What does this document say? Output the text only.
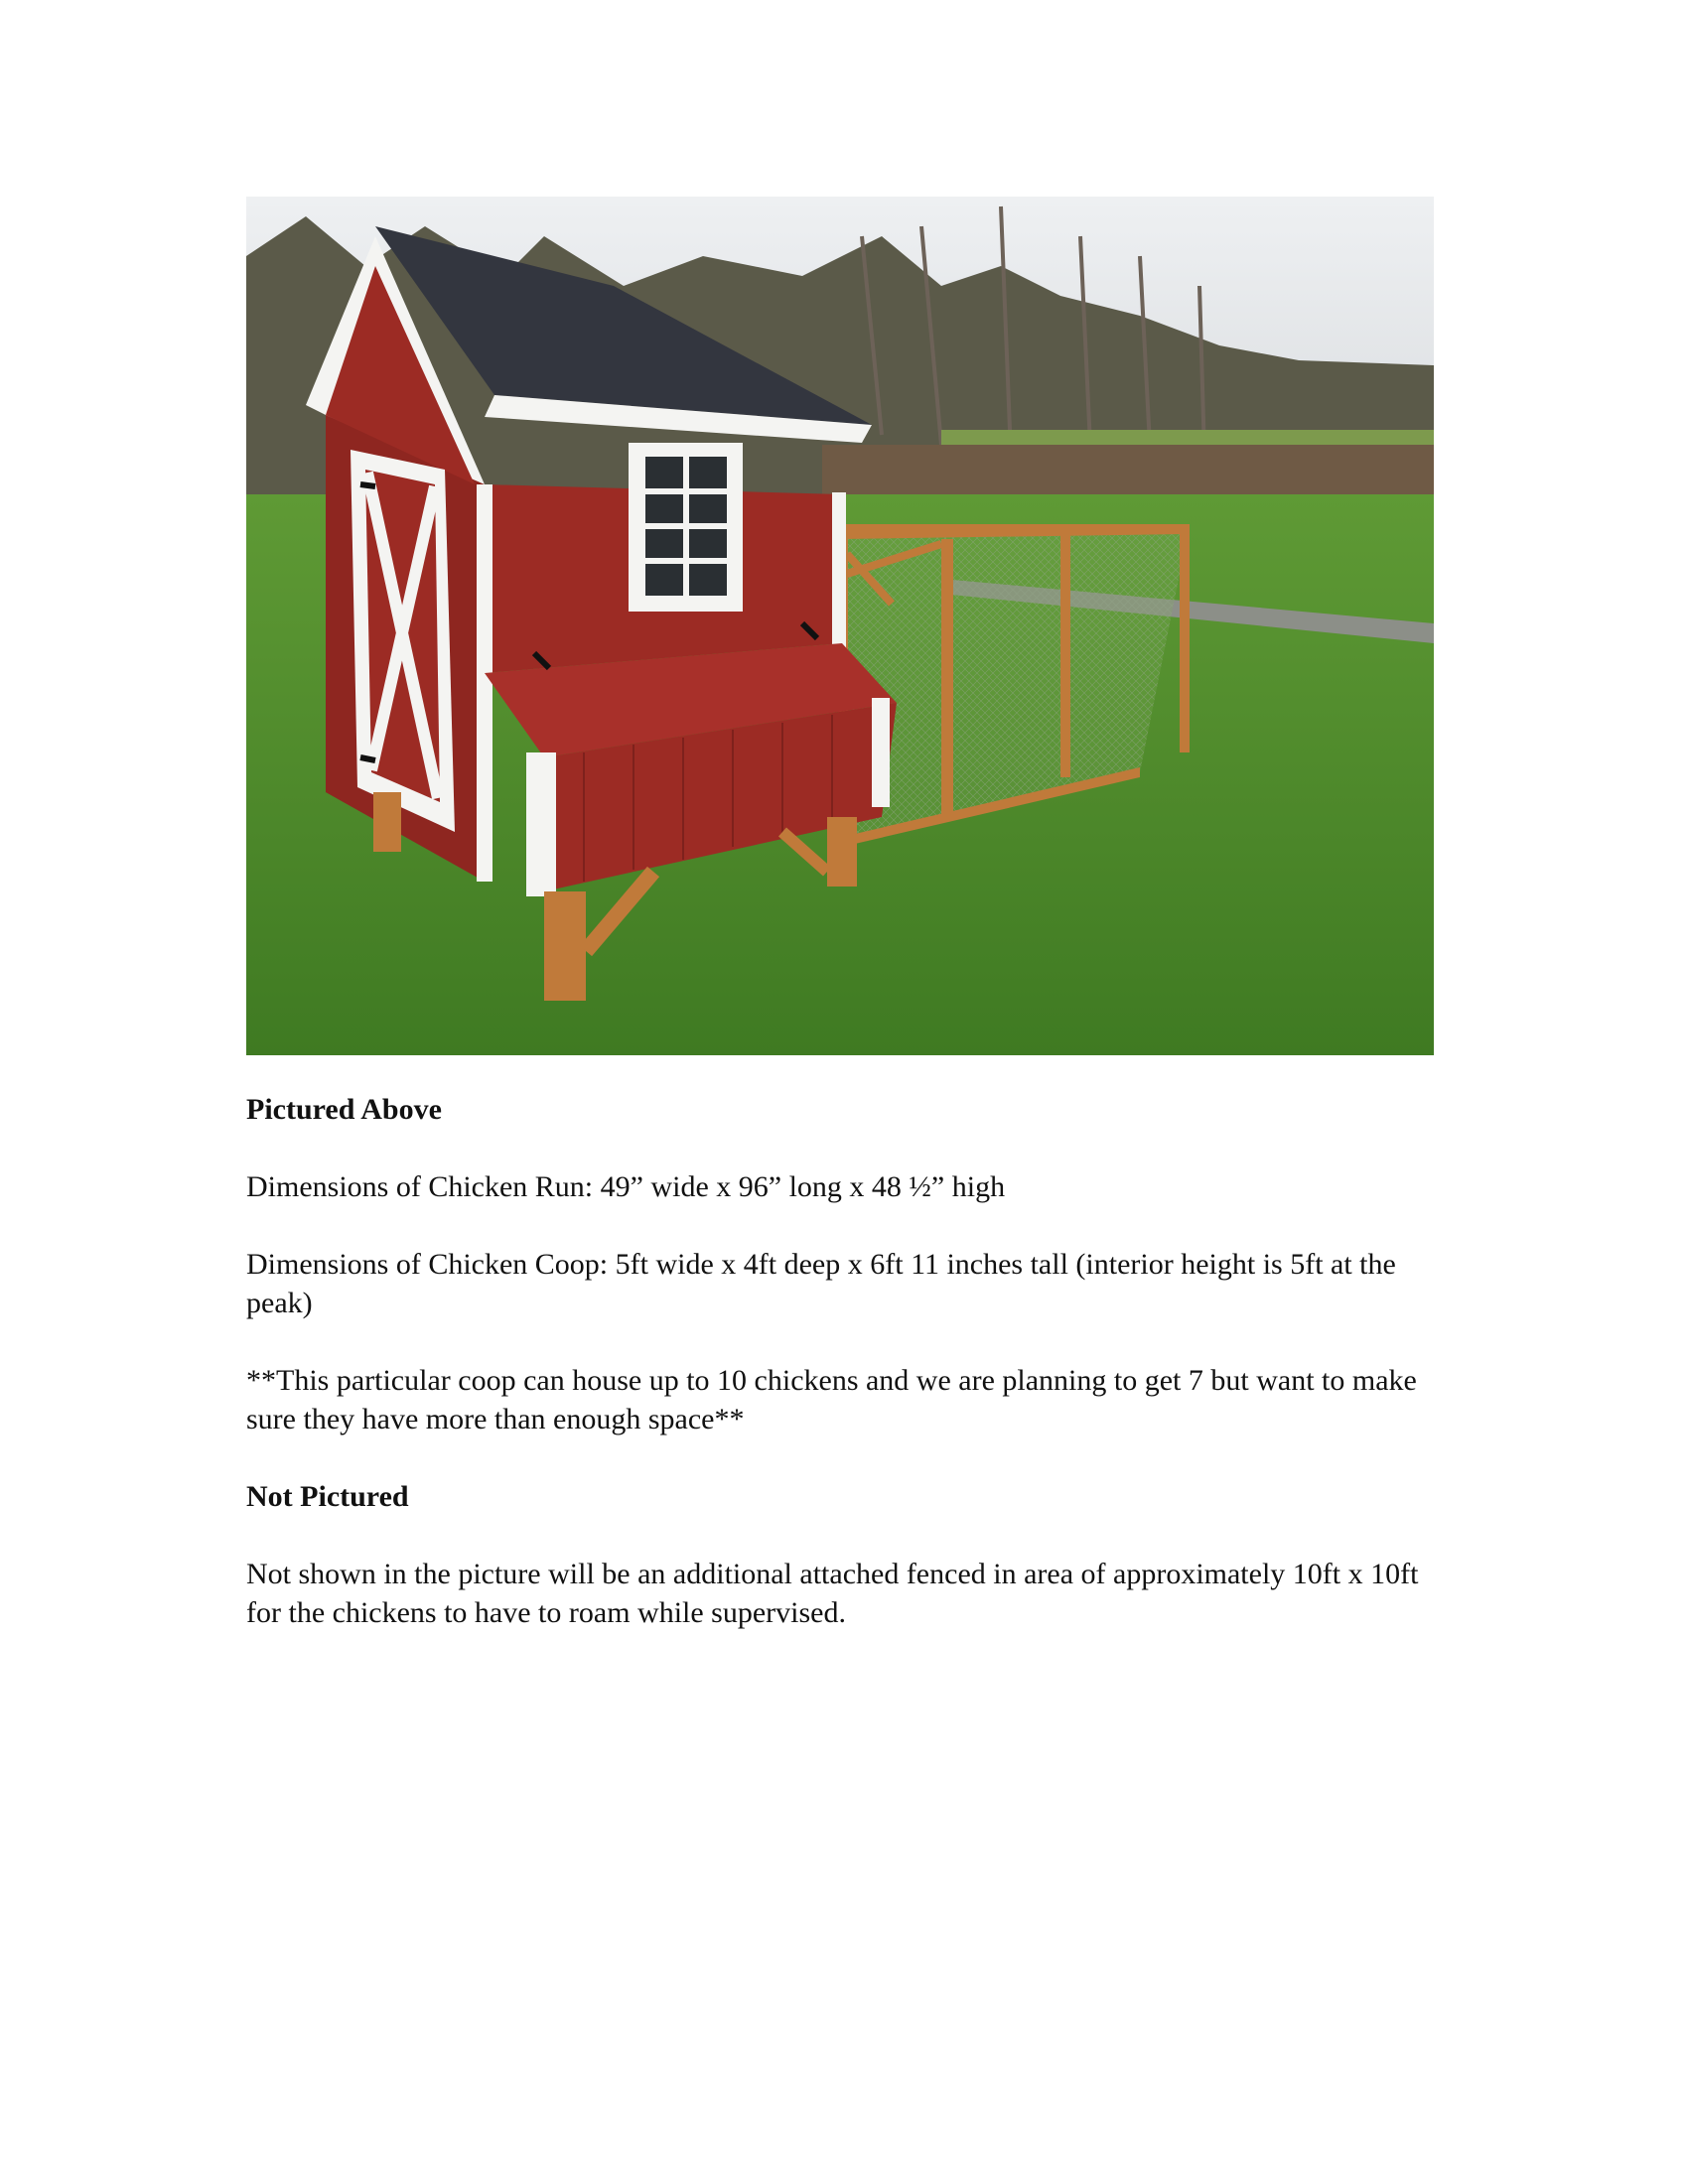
Pictured Above

Dimensions of Chicken Run: 49” wide x 96” long x 48 ½” high

Dimensions of Chicken Coop: 5ft wide x 4ft deep x 6ft 11 inches tall (interior height is 5ft at the peak)

**This particular coop can house up to 10 chickens and we are planning to get 7 but want to make sure they have more than enough space**

Not Pictured

Not shown in the picture will be an additional attached fenced in area of approximately 10ft x 10ft for the chickens to have to roam while supervised.
